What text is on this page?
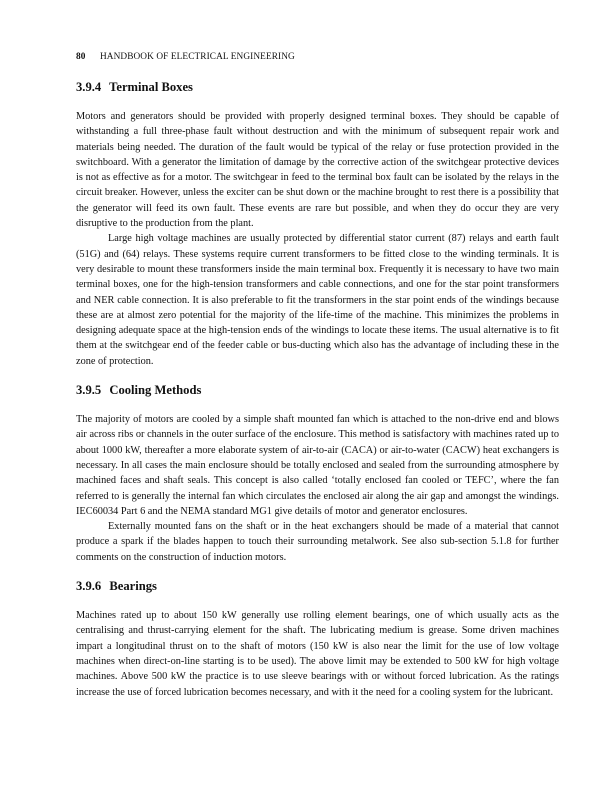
80 HANDBOOK OF ELECTRICAL ENGINEERING
3.9.4 Terminal Boxes

Motors and generators should be provided with properly designed terminal boxes. They should be capable of withstanding a full three-phase fault without destruction and with the minimum of subsequent repair work and materials being needed. The duration of the fault would be typical of the relay or fuse protection provided in the switchboard. With a generator the limitation of damage by the corrective action of the switchgear protective devices is not as effective as for a motor. The switchgear in feed to the terminal box fault can be isolated by the relays in the circuit breaker. However, unless the exciter can be shut down or the machine brought to rest there is a possibility that the generator will feed its own fault. These events are rare but possible, and when they do occur they are very disruptive to the production from the plant.

Large high voltage machines are usually protected by differential stator current (87) relays and earth fault (51G) and (64) relays. These systems require current transformers to be fitted close to the winding terminals. It is very desirable to mount these transformers inside the main terminal box. Frequently it is necessary to have two main terminal boxes, one for the high-tension transformers and cable connections, and one for the star point transformers and NER cable connection. It is also preferable to fit the transformers in the star point ends of the windings because these are at almost zero potential for the majority of the life-time of the machine. This minimizes the problems in designing adequate space at the high-tension ends of the windings to locate these items. The usual alternative is to fit them at the switchgear end of the feeder cable or bus-ducting which also has the advantage of including these in the zone of protection.

3.9.5 Cooling Methods

The majority of motors are cooled by a simple shaft mounted fan which is attached to the non-drive end and blows air across ribs or channels in the outer surface of the enclosure. This method is satisfactory with machines rated up to about 1000 kW, thereafter a more elaborate system of air-to-air (CACA) or air-to-water (CACW) heat exchangers is necessary. In all cases the main enclosure should be totally enclosed and sealed from the surrounding atmosphere by machined faces and shaft seals. This concept is also called ‘totally enclosed fan cooled or TEFC’, where the fan referred to is generally the internal fan which circulates the enclosed air along the air gap and amongst the windings. IEC60034 Part 6 and the NEMA standard MG1 give details of motor and generator enclosures.

Externally mounted fans on the shaft or in the heat exchangers should be made of a material that cannot produce a spark if the blades happen to touch their surrounding metalwork. See also sub-section 5.1.8 for further comments on the construction of induction motors.

3.9.6 Bearings

Machines rated up to about 150 kW generally use rolling element bearings, one of which usually acts as the centralising and thrust-carrying element for the shaft. The lubricating medium is grease. Some driven machines impart a longitudinal thrust on to the shaft of motors (150 kW is also near the limit for the use of low voltage machines when direct-on-line starting is to be used). The above limit may be extended to 500 kW for high voltage machines. Above 500 kW the practice is to use sleeve bearings with or without forced lubrication. As the ratings increase the use of forced lubrication becomes necessary, and with it the need for a cooling system for the lubricant.
